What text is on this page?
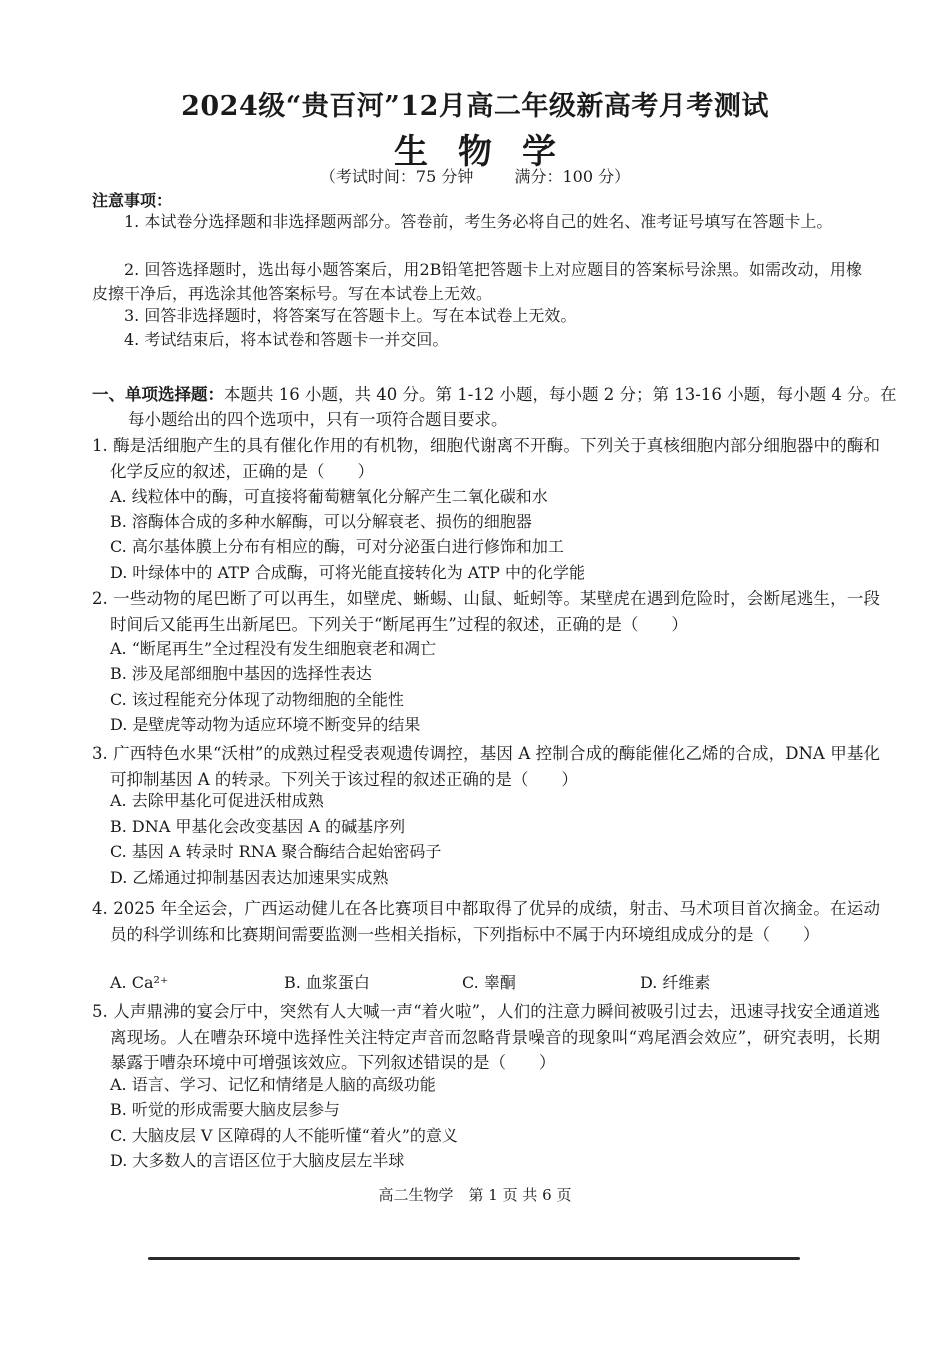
2024级“贵百河”12月高二年级新高考月考测试
生物学
（考试时间：75 分钟	满分：100 分）
注意事项：
1. 本试卷分选择题和非选择题两部分。答卷前，考生务必将自己的姓名、准考证号填写在答题卡上。
2. 回答选择题时，选出每小题答案后，用2B铅笔把答题卡上对应题目的答案标号涂黑。如需改动，用橡皮擦干净后，再选涂其他答案标号。写在本试卷上无效。
3. 回答非选择题时，将答案写在答题卡上。写在本试卷上无效。
4. 考试结束后，将本试卷和答题卡一并交回。
一、单项选择题：本题共 16 小题，共 40 分。第 1-12 小题，每小题 2 分；第 13-16 小题，每小题 4 分。在每小题给出的四个选项中，只有一项符合题目要求。
1. 酶是活细胞产生的具有催化作用的有机物，细胞代谢离不开酶。下列关于真核细胞内部分细胞器中的酶和化学反应的叙述，正确的是（　　）
A. 线粒体中的酶，可直接将葡萄糖氧化分解产生二氧化碳和水
B. 溶酶体合成的多种水解酶，可以分解衰老、损伤的细胞器
C. 高尔基体膜上分布有相应的酶，可对分泌蛋白进行修饰和加工
D. 叶绿体中的 ATP 合成酶，可将光能直接转化为 ATP 中的化学能
2. 一些动物的尾巴断了可以再生，如壁虎、蜥蜴、山鼠、蚯蚓等。某壁虎在遇到危险时，会断尾逃生，一段时间后又能再生出新尾巴。下列关于“断尾再生”过程的叙述，正确的是（　　）
A. “断尾再生”全过程没有发生细胞衰老和凋亡
B. 涉及尾部细胞中基因的选择性表达
C. 该过程能充分体现了动物细胞的全能性
D. 是壁虎等动物为适应环境不断变异的结果
3. 广西特色水果“沃柑”的成熟过程受表观遗传调控，基因 A 控制合成的酶能催化乙烯的合成，DNA 甲基化可抑制基因 A 的转录。下列关于该过程的叙述正确的是（　　）
A. 去除甲基化可促进沃柑成熟
B. DNA 甲基化会改变基因 A 的碱基序列
C. 基因 A 转录时 RNA 聚合酶结合起始密码子
D. 乙烯通过抑制基因表达加速果实成熟
4. 2025 年全运会，广西运动健儿在各比赛项目中都取得了优异的成绩，射击、马术项目首次摘金。在运动员的科学训练和比赛期间需要监测一些相关指标，下列指标中不属于内环境组成成分的是（　　）
A. Ca²⁺	B. 血浆蛋白	C. 睾酮	D. 纤维素
5. 人声鼎沸的宴会厅中，突然有人大喊一声“着火啦”，人们的注意力瞬间被吸引过去，迅速寻找安全通道逃离现场。人在嘈杂环境中选择性关注特定声音而忽略背景噪音的现象叫“鸡尾酒会效应”，研究表明，长期暴露于嘈杂环境中可增强该效应。下列叙述错误的是（　　）
A. 语言、学习、记忆和情绪是人脑的高级功能
B. 听觉的形成需要大脑皮层参与
C. 大脑皮层 V 区障碍的人不能听懂“着火”的意义
D. 大多数人的言语区位于大脑皮层左半球
高二生物学　第 1 页 共 6 页
